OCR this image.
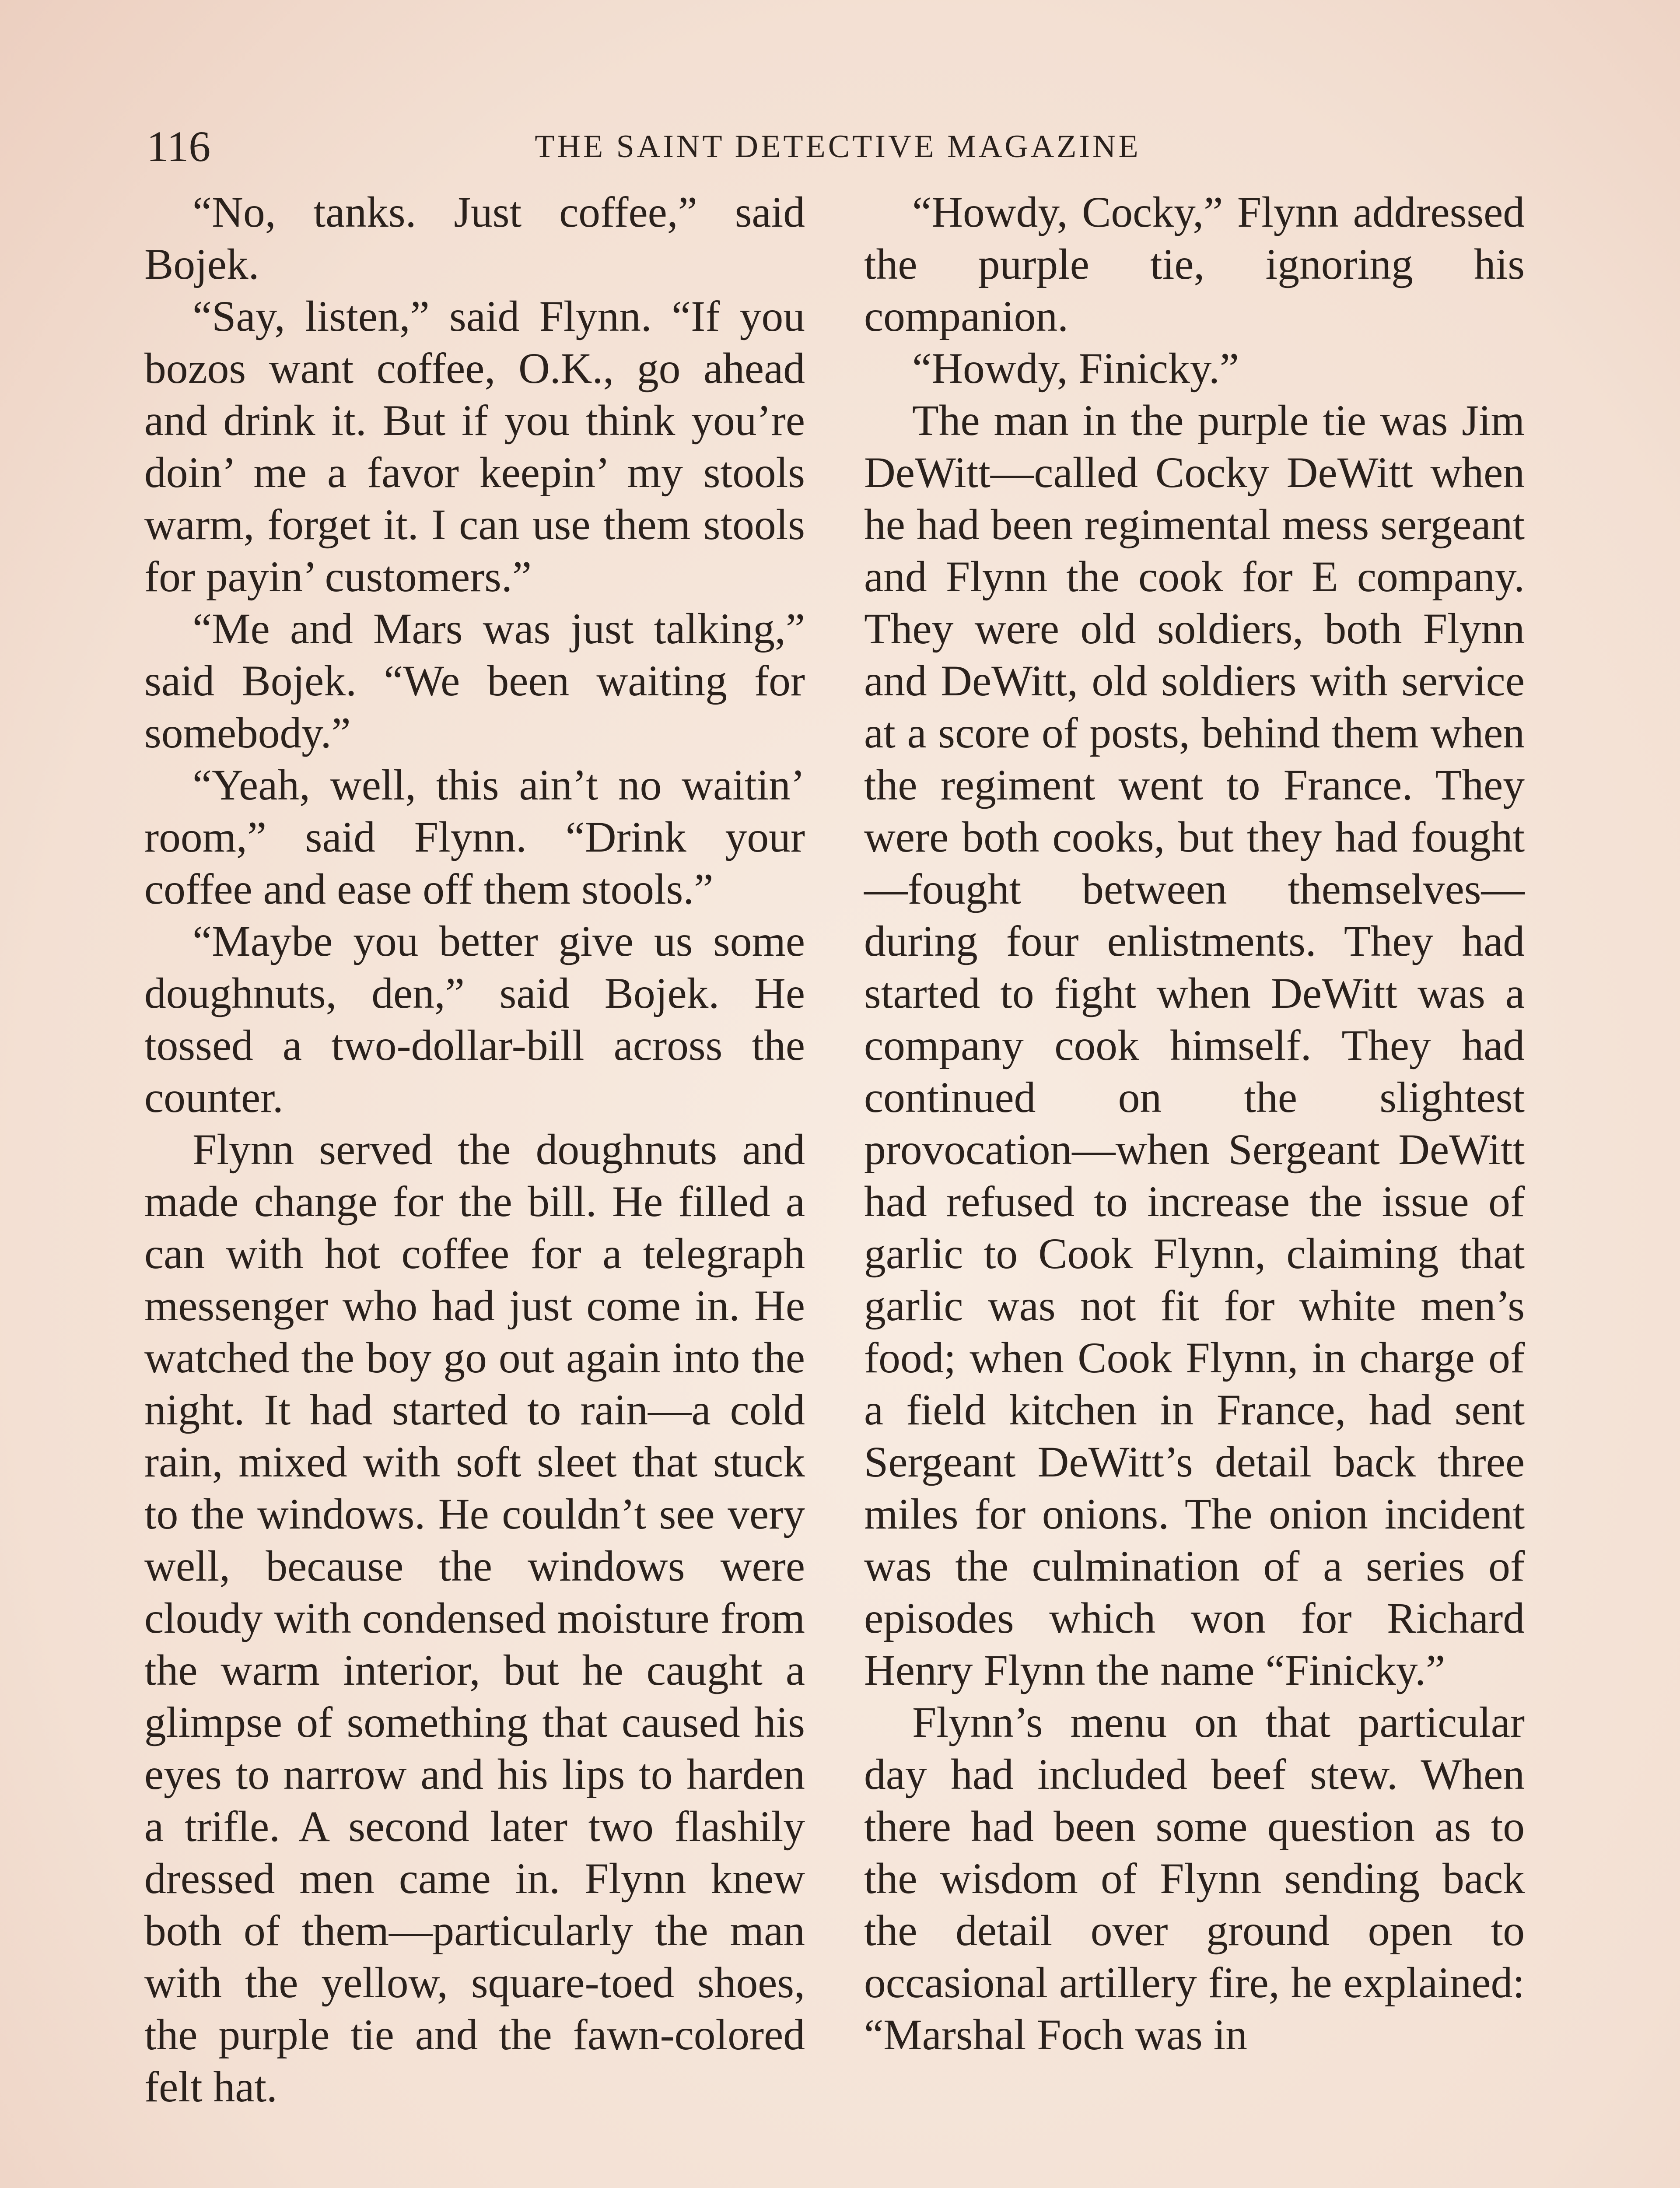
116	THE SAINT DETECTIVE MAGAZINE

“No, tanks. Just coffee,” said Bojek.

“Say, listen,” said Flynn. “If you bozos want coffee, O.K., go ahead and drink it. But if you think you’re doin’ me a favor keepin’ my stools warm, forget it. I can use them stools for payin’ customers.”

“Me and Mars was just talking,” said Bojek. “We been waiting for somebody.”

“Yeah, well, this ain’t no waitin’ room,” said Flynn. “Drink your coffee and ease off them stools.”

“Maybe you better give us some doughnuts, den,” said Bojek. He tossed a two-dollar-bill across the counter.

Flynn served the doughnuts and made change for the bill. He filled a can with hot coffee for a telegraph messenger who had just come in. He watched the boy go out again into the night. It had started to rain—a cold rain, mixed with soft sleet that stuck to the windows. He couldn’t see very well, because the windows were cloudy with condensed moisture from the warm interior, but he caught a glimpse of something that caused his eyes to narrow and his lips to harden a trifle. A second later two flashily dressed men came in. Flynn knew both of them—particularly the man with the yellow, square-toed shoes, the purple tie and the fawn-colored felt hat.

“Howdy, Cocky,” Flynn addressed the purple tie, ignoring his companion.

“Howdy, Finicky.”

The man in the purple tie was Jim DeWitt—called Cocky DeWitt when he had been regimental mess sergeant and Flynn the cook for E company. They were old soldiers, both Flynn and DeWitt, old soldiers with service at a score of posts, behind them when the regiment went to France. They were both cooks, but they had fought—fought between themselves—during four enlistments. They had started to fight when DeWitt was a company cook himself. They had continued on the slightest provocation—when Sergeant DeWitt had refused to increase the issue of garlic to Cook Flynn, claiming that garlic was not fit for white men’s food; when Cook Flynn, in charge of a field kitchen in France, had sent Sergeant DeWitt’s detail back three miles for onions. The onion incident was the culmination of a series of episodes which won for Richard Henry Flynn the name “Finicky.”

Flynn’s menu on that particular day had included beef stew. When there had been some question as to the wisdom of Flynn sending back the detail over ground open to occasional artillery fire, he explained: “Marshal Foch was in
